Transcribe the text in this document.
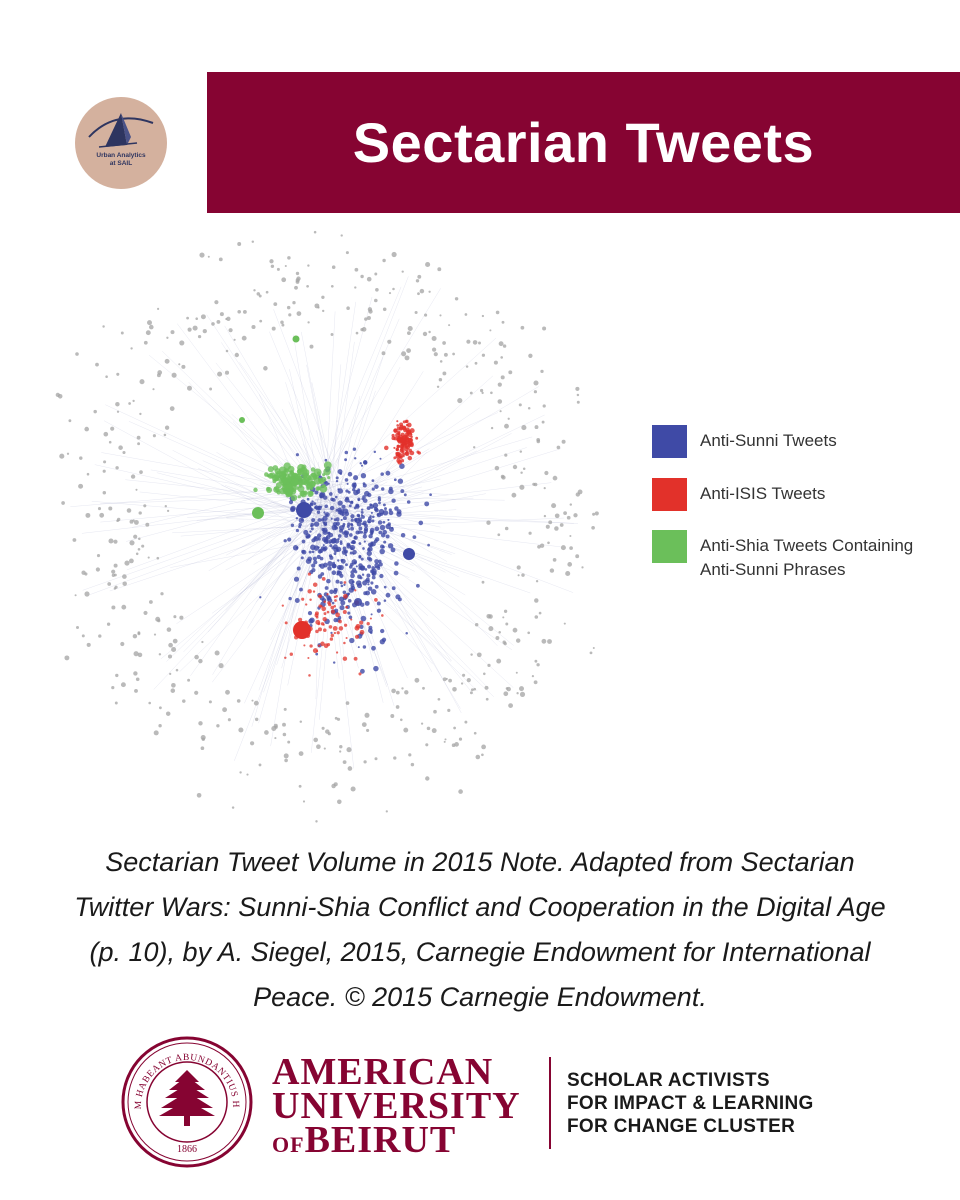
Urban Analytics
at SAIL	Sectarian Tweets
Anti-Sunni Tweets
Anti-ISIS Tweets
Anti-Shia Tweets Containing
Anti-Sunni Phrases

Sectarian Tweet Volume in 2015 Note. Adapted from Sectarian

Twitter Wars: Sunni-Shia Conflict and Cooperation in the Digital Age

(p. 10), by A. Siegel, 2015, Carnegie Endowment for International

Peace. © 2015 Carnegie Endowment.

M HABEANT ABUNDANTIUS H
1866
AMERICAN
UNIVERSITY
OFBEIRUT
SCHOLAR ACTIVISTS
FOR IMPACT & LEARNING
FOR CHANGE CLUSTER
